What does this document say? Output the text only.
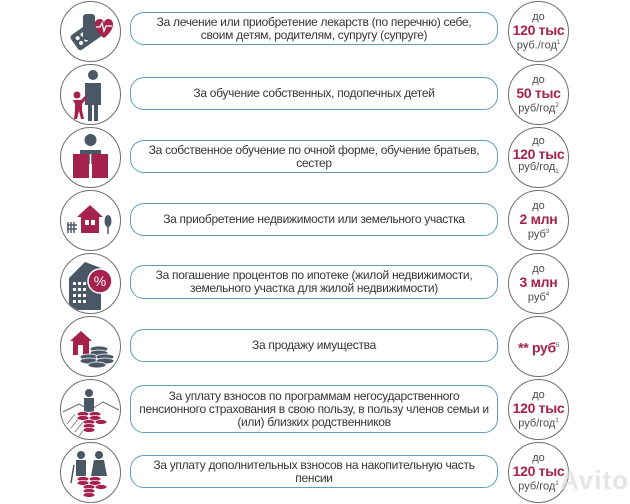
За лечение или приобретение лекарств (по перечню) себе, своим детям, родителям, супругу (супруге)
до
120 тыс
руб./год$^1$
За обучение собственных, подопечных детей
до
50 тыс
руб/год$^2$
За собственное обучение по очной форме, обучение братьев, сестер
до
120 тыс
руб/год$_1$
За приобретение недвижимости или земельного участка
до
2 млн
руб$^3$
%	За погашение процентов по ипотеке (жилой недвижимости, земельного участка для жилой недвижимости)
до
3 млн
руб$^4$
За продажу имущества	** руб$^5$
За уплату взносов по программам негосударственного пенсионного страхования в свою пользу, в пользу членов семьи и (или) близких родственников
до
120 тыс
руб/год$^1$
За уплату дополнительных взносов на накопительную часть пенсии
до
120 тыс
руб/год$^1$ Avito
